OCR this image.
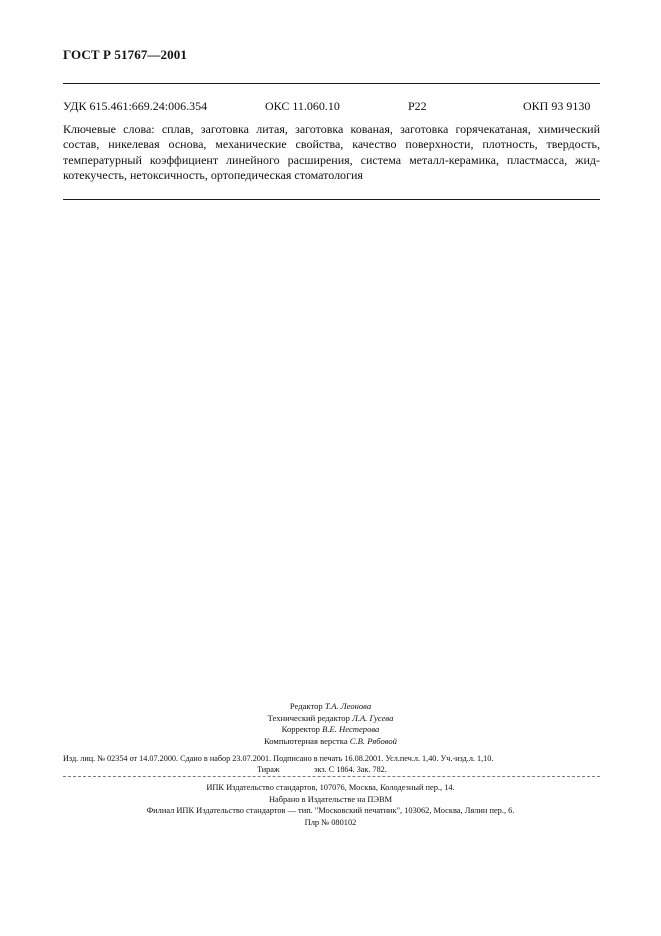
ГОСТ Р 51767—2001
УДК 615.461:669.24:006.354	ОКС 11.060.10	Р22	ОКП 93 9130
Ключевые слова: сплав, заготовка литая, заготовка кованая, заготовка горячекатаная, химический
состав, никелевая основа, механические свойства, качество поверхности, плотность, твердость,
температурный коэффициент линейного расширения, система металл-керамика, пластмасса, жид-
котекучесть, нетоксичность, ортопедическая стоматология
Редактор Т.А. Леонова
Технический редактор Л.А. Гусева
Корректор В.Е. Нестерова
Компьютерная верстка С.В. Рябовой
Изд. лиц. № 02354 от 14.07.2000. Сдано в набор 23.07.2001. Подписано в печать 16.08.2001. Усл.печ.л. 1,40. Уч.-изд.л. 1,10.
Тираж	экз. С 1864. Зак. 782.
ИПК Издательство стандартов, 107076, Москва, Колодезный пер., 14.
Набрано в Издательстве на ПЭВМ
Филиал ИПК Издательство стандартов — тип. "Московский печатник", 103062, Москва, Лялин пер., 6.
Плр № 080102
